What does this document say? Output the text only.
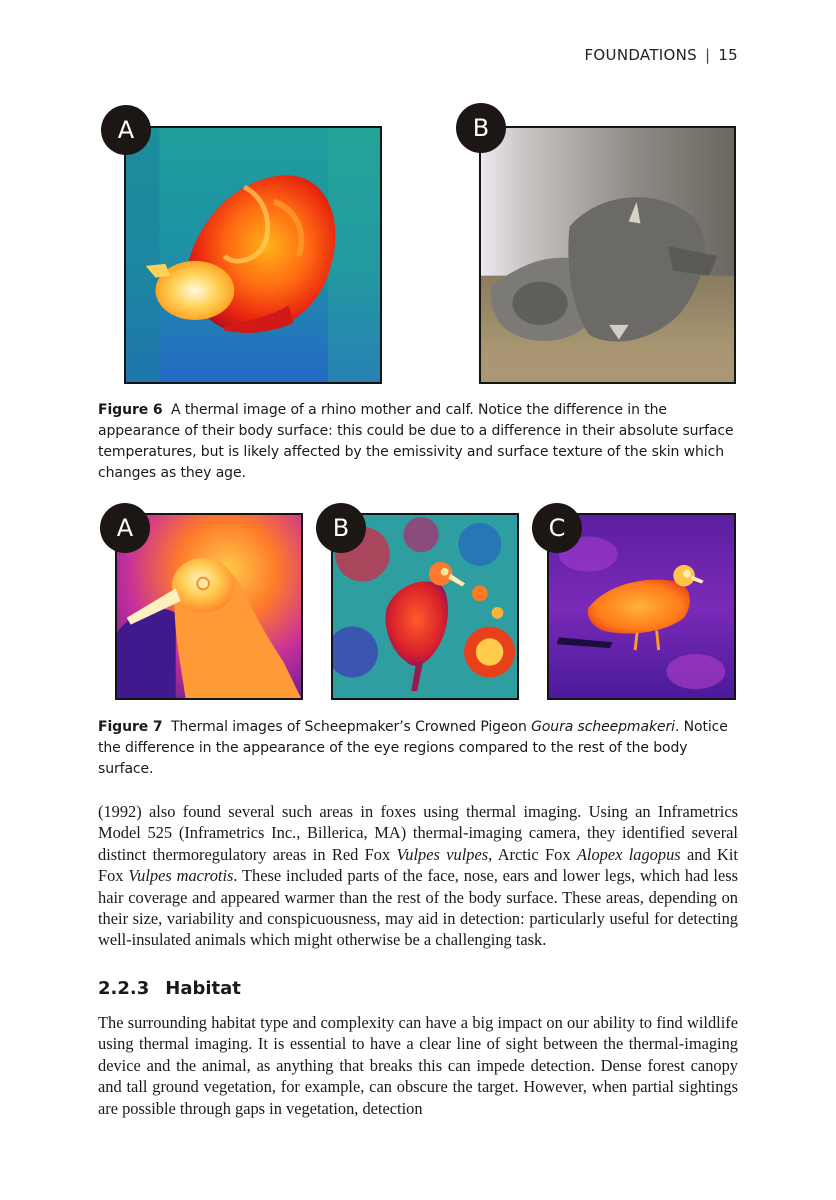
FOUNDATIONS | 15
A	B
Figure 6 A thermal image of a rhino mother and calf. Notice the difference in the appearance of their body surface: this could be due to a difference in their absolute surface temperatures, but is likely affected by the emissivity and surface texture of the skin which changes as they age.
A	B	C
Figure 7 Thermal images of Scheepmaker’s Crowned Pigeon Goura scheepmakeri. Notice the difference in the appearance of the eye regions compared to the rest of the body surface.

(1992) also found several such areas in foxes using thermal imaging. Using an Inframetrics Model 525 (Inframetrics Inc., Billerica, MA) thermal-imaging camera, they identified several distinct thermoregulatory areas in Red Fox Vulpes vulpes, Arctic Fox Alopex lagopus and Kit Fox Vulpes macrotis. These included parts of the face, nose, ears and lower legs, which had less hair coverage and appeared warmer than the rest of the body surface. These areas, depending on their size, variability and conspicuousness, may aid in detection: particularly useful for detecting well-insulated animals which might otherwise be a challenging task.

2.2.3 Habitat

The surrounding habitat type and complexity can have a big impact on our ability to find wildlife using thermal imaging. It is essential to have a clear line of sight between the thermal-imaging device and the animal, as anything that breaks this can impede detection. Dense forest canopy and tall ground vegetation, for example, can obscure the target. However, when partial sightings are possible through gaps in vegetation, detection
